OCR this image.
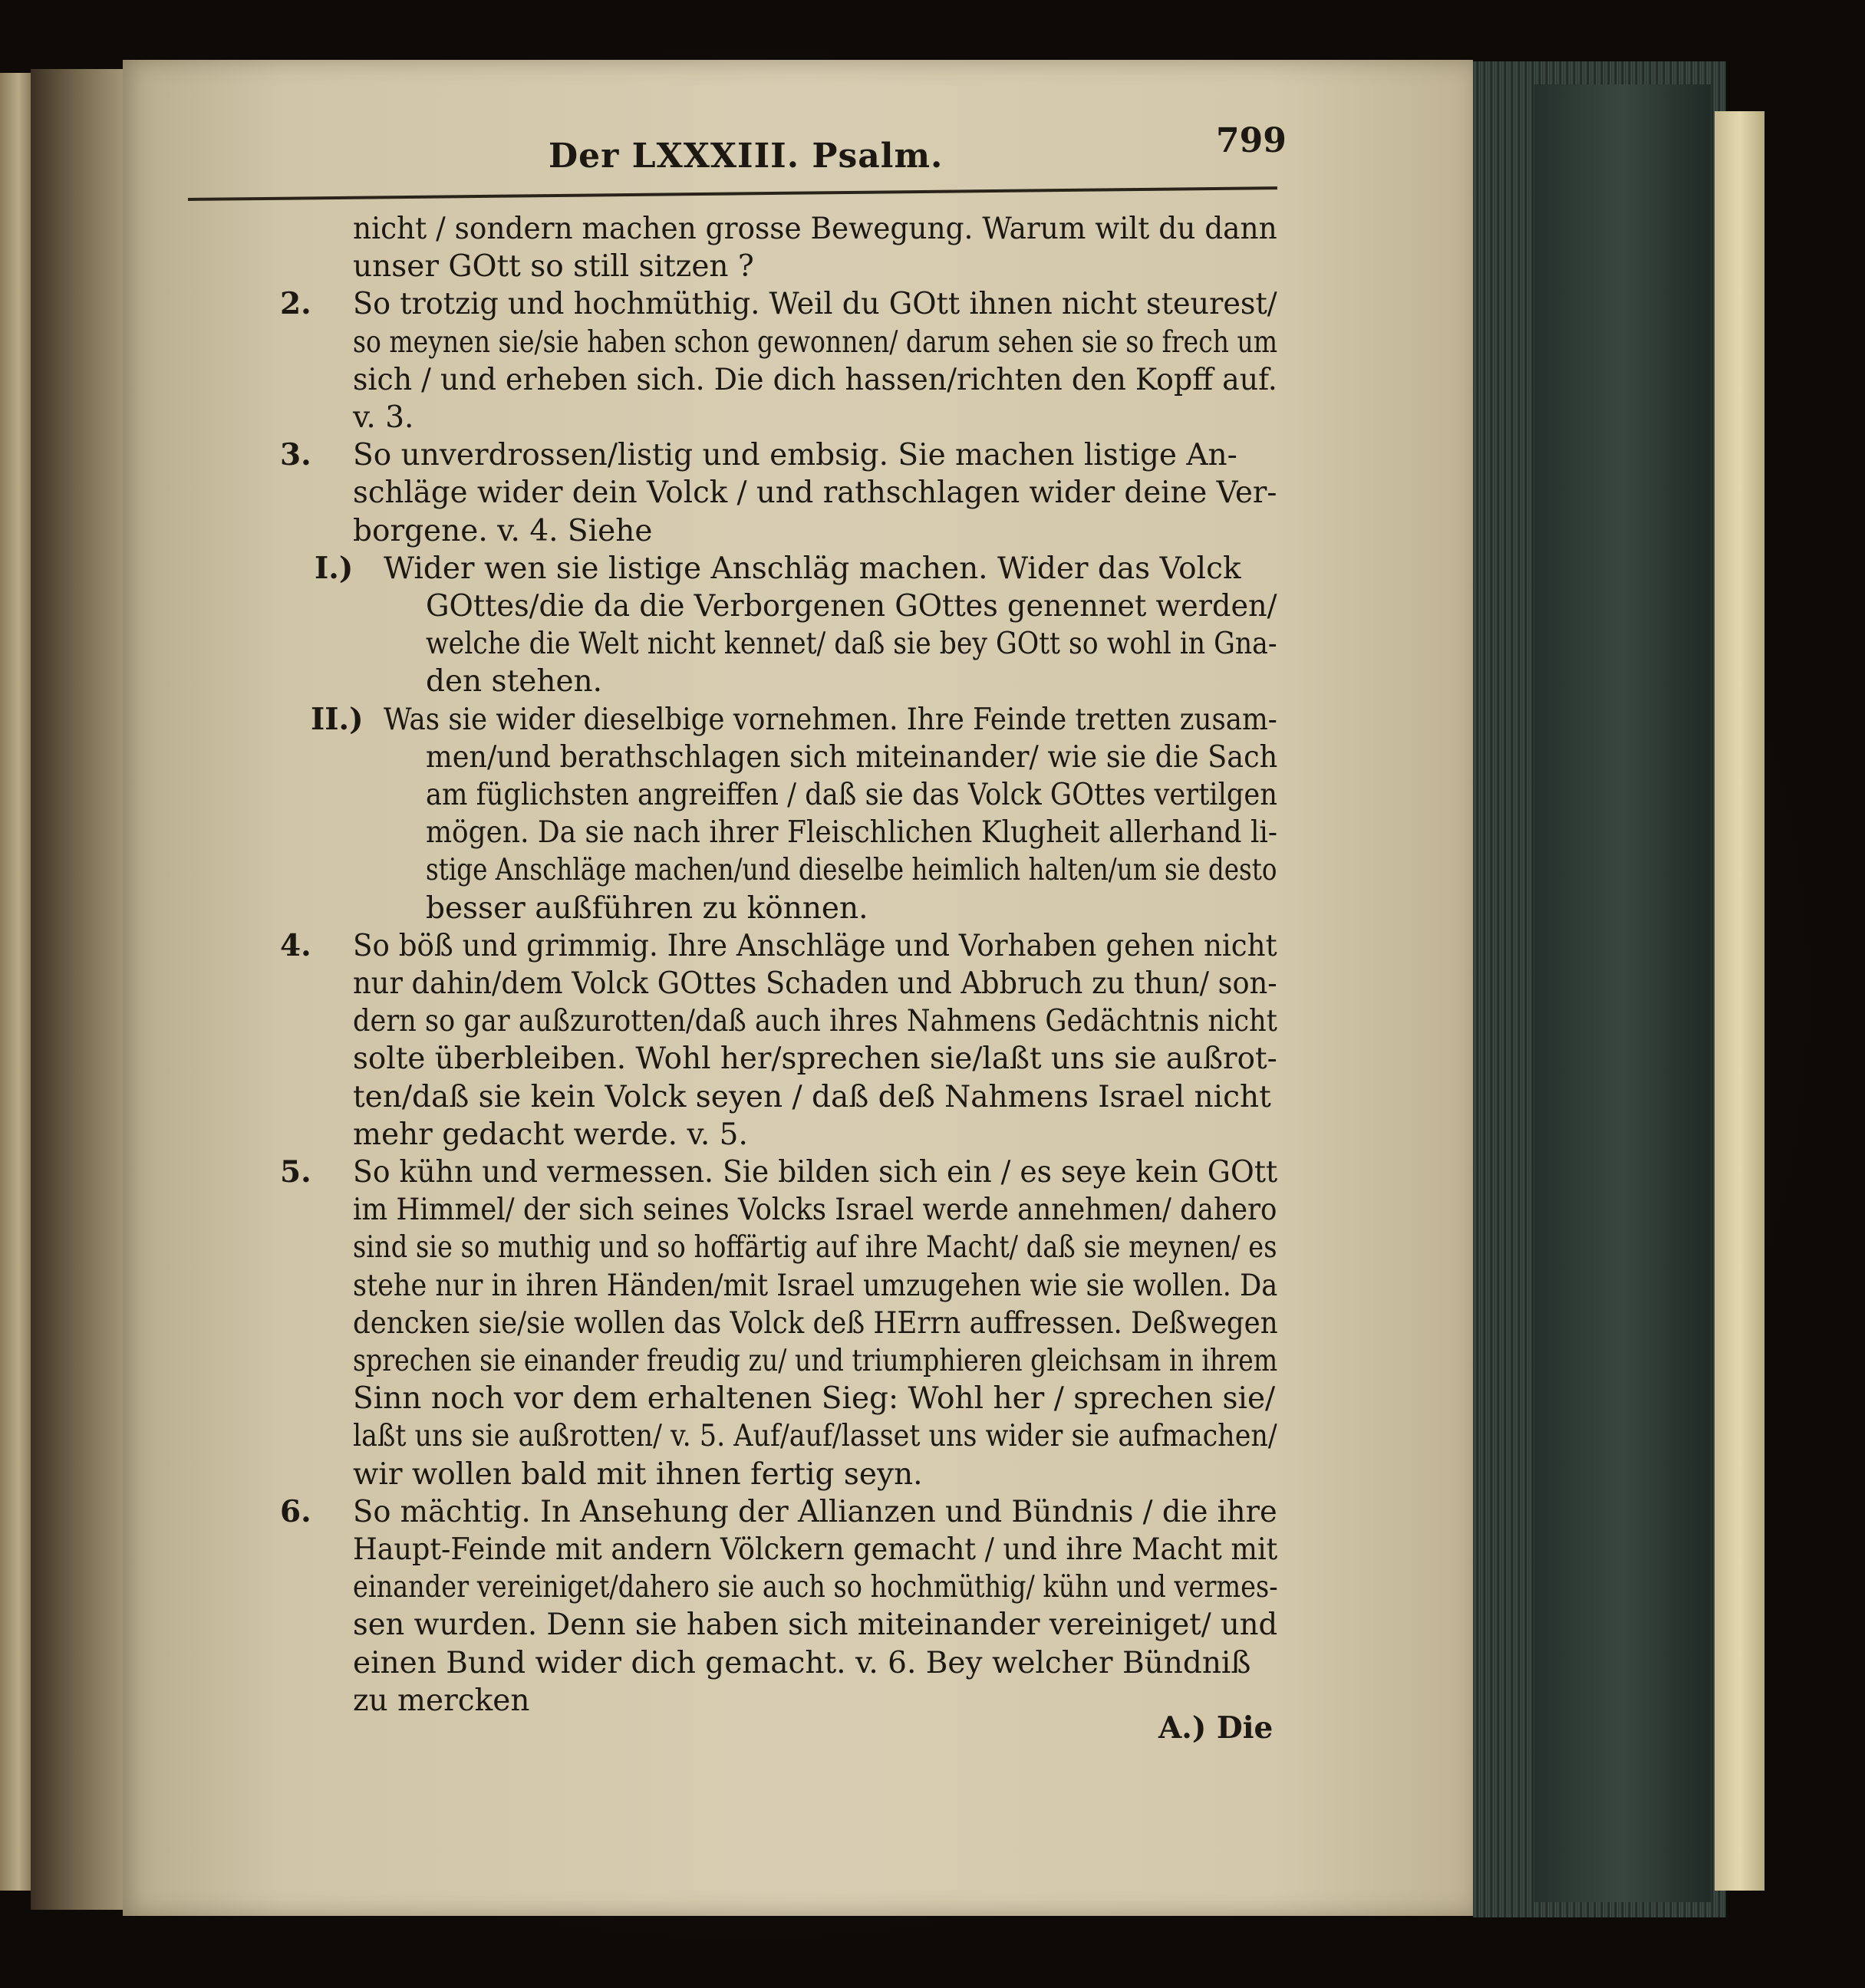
Der LXXXIII. Psalm.	799
nicht / sondern machen grosse Bewegung. Warum wilt du dann
unser GOtt so still sitzen ?
2. So trotzig und hochmüthig. Weil du GOtt ihnen nicht steurest/
so meynen sie/sie haben schon gewonnen/ darum sehen sie so frech um
sich / und erheben sich. Die dich hassen/richten den Kopff auf.
v. 3.
3. So unverdrossen/listig und embsig. Sie machen listige An-
schläge wider dein Volck / und rathschlagen wider deine Ver-
borgene. v. 4. Siehe
I.) Wider wen sie listige Anschläg machen. Wider das Volck
GOttes/die da die Verborgenen GOttes genennet werden/
welche die Welt nicht kennet/ daß sie bey GOtt so wohl in Gna-
den stehen.
II.) Was sie wider dieselbige vornehmen. Ihre Feinde tretten zusam-
men/und berathschlagen sich miteinander/ wie sie die Sach
am füglichsten angreiffen / daß sie das Volck GOttes vertilgen
mögen. Da sie nach ihrer Fleischlichen Klugheit allerhand li-
stige Anschläge machen/und dieselbe heimlich halten/um sie desto
besser außführen zu können.
4. So böß und grimmig. Ihre Anschläge und Vorhaben gehen nicht
nur dahin/dem Volck GOttes Schaden und Abbruch zu thun/ son-
dern so gar außzurotten/daß auch ihres Nahmens Gedächtnis nicht
solte überbleiben. Wohl her/sprechen sie/laßt uns sie außrot-
ten/daß sie kein Volck seyen / daß deß Nahmens Israel nicht
mehr gedacht werde. v. 5.
5. So kühn und vermessen. Sie bilden sich ein / es seye kein GOtt
im Himmel/ der sich seines Volcks Israel werde annehmen/ dahero
sind sie so muthig und so hoffärtig auf ihre Macht/ daß sie meynen/ es
stehe nur in ihren Händen/mit Israel umzugehen wie sie wollen. Da
dencken sie/sie wollen das Volck deß HErrn auffressen. Deßwegen
sprechen sie einander freudig zu/ und triumphieren gleichsam in ihrem
Sinn noch vor dem erhaltenen Sieg: Wohl her / sprechen sie/
laßt uns sie außrotten/ v. 5. Auf/auf/lasset uns wider sie aufmachen/
wir wollen bald mit ihnen fertig seyn.
6. So mächtig. In Ansehung der Allianzen und Bündnis / die ihre
Haupt-Feinde mit andern Völckern gemacht / und ihre Macht mit
einander vereiniget/dahero sie auch so hochmüthig/ kühn und vermes-
sen wurden. Denn sie haben sich miteinander vereiniget/ und
einen Bund wider dich gemacht. v. 6. Bey welcher Bündniß
zu mercken
A.) Die
